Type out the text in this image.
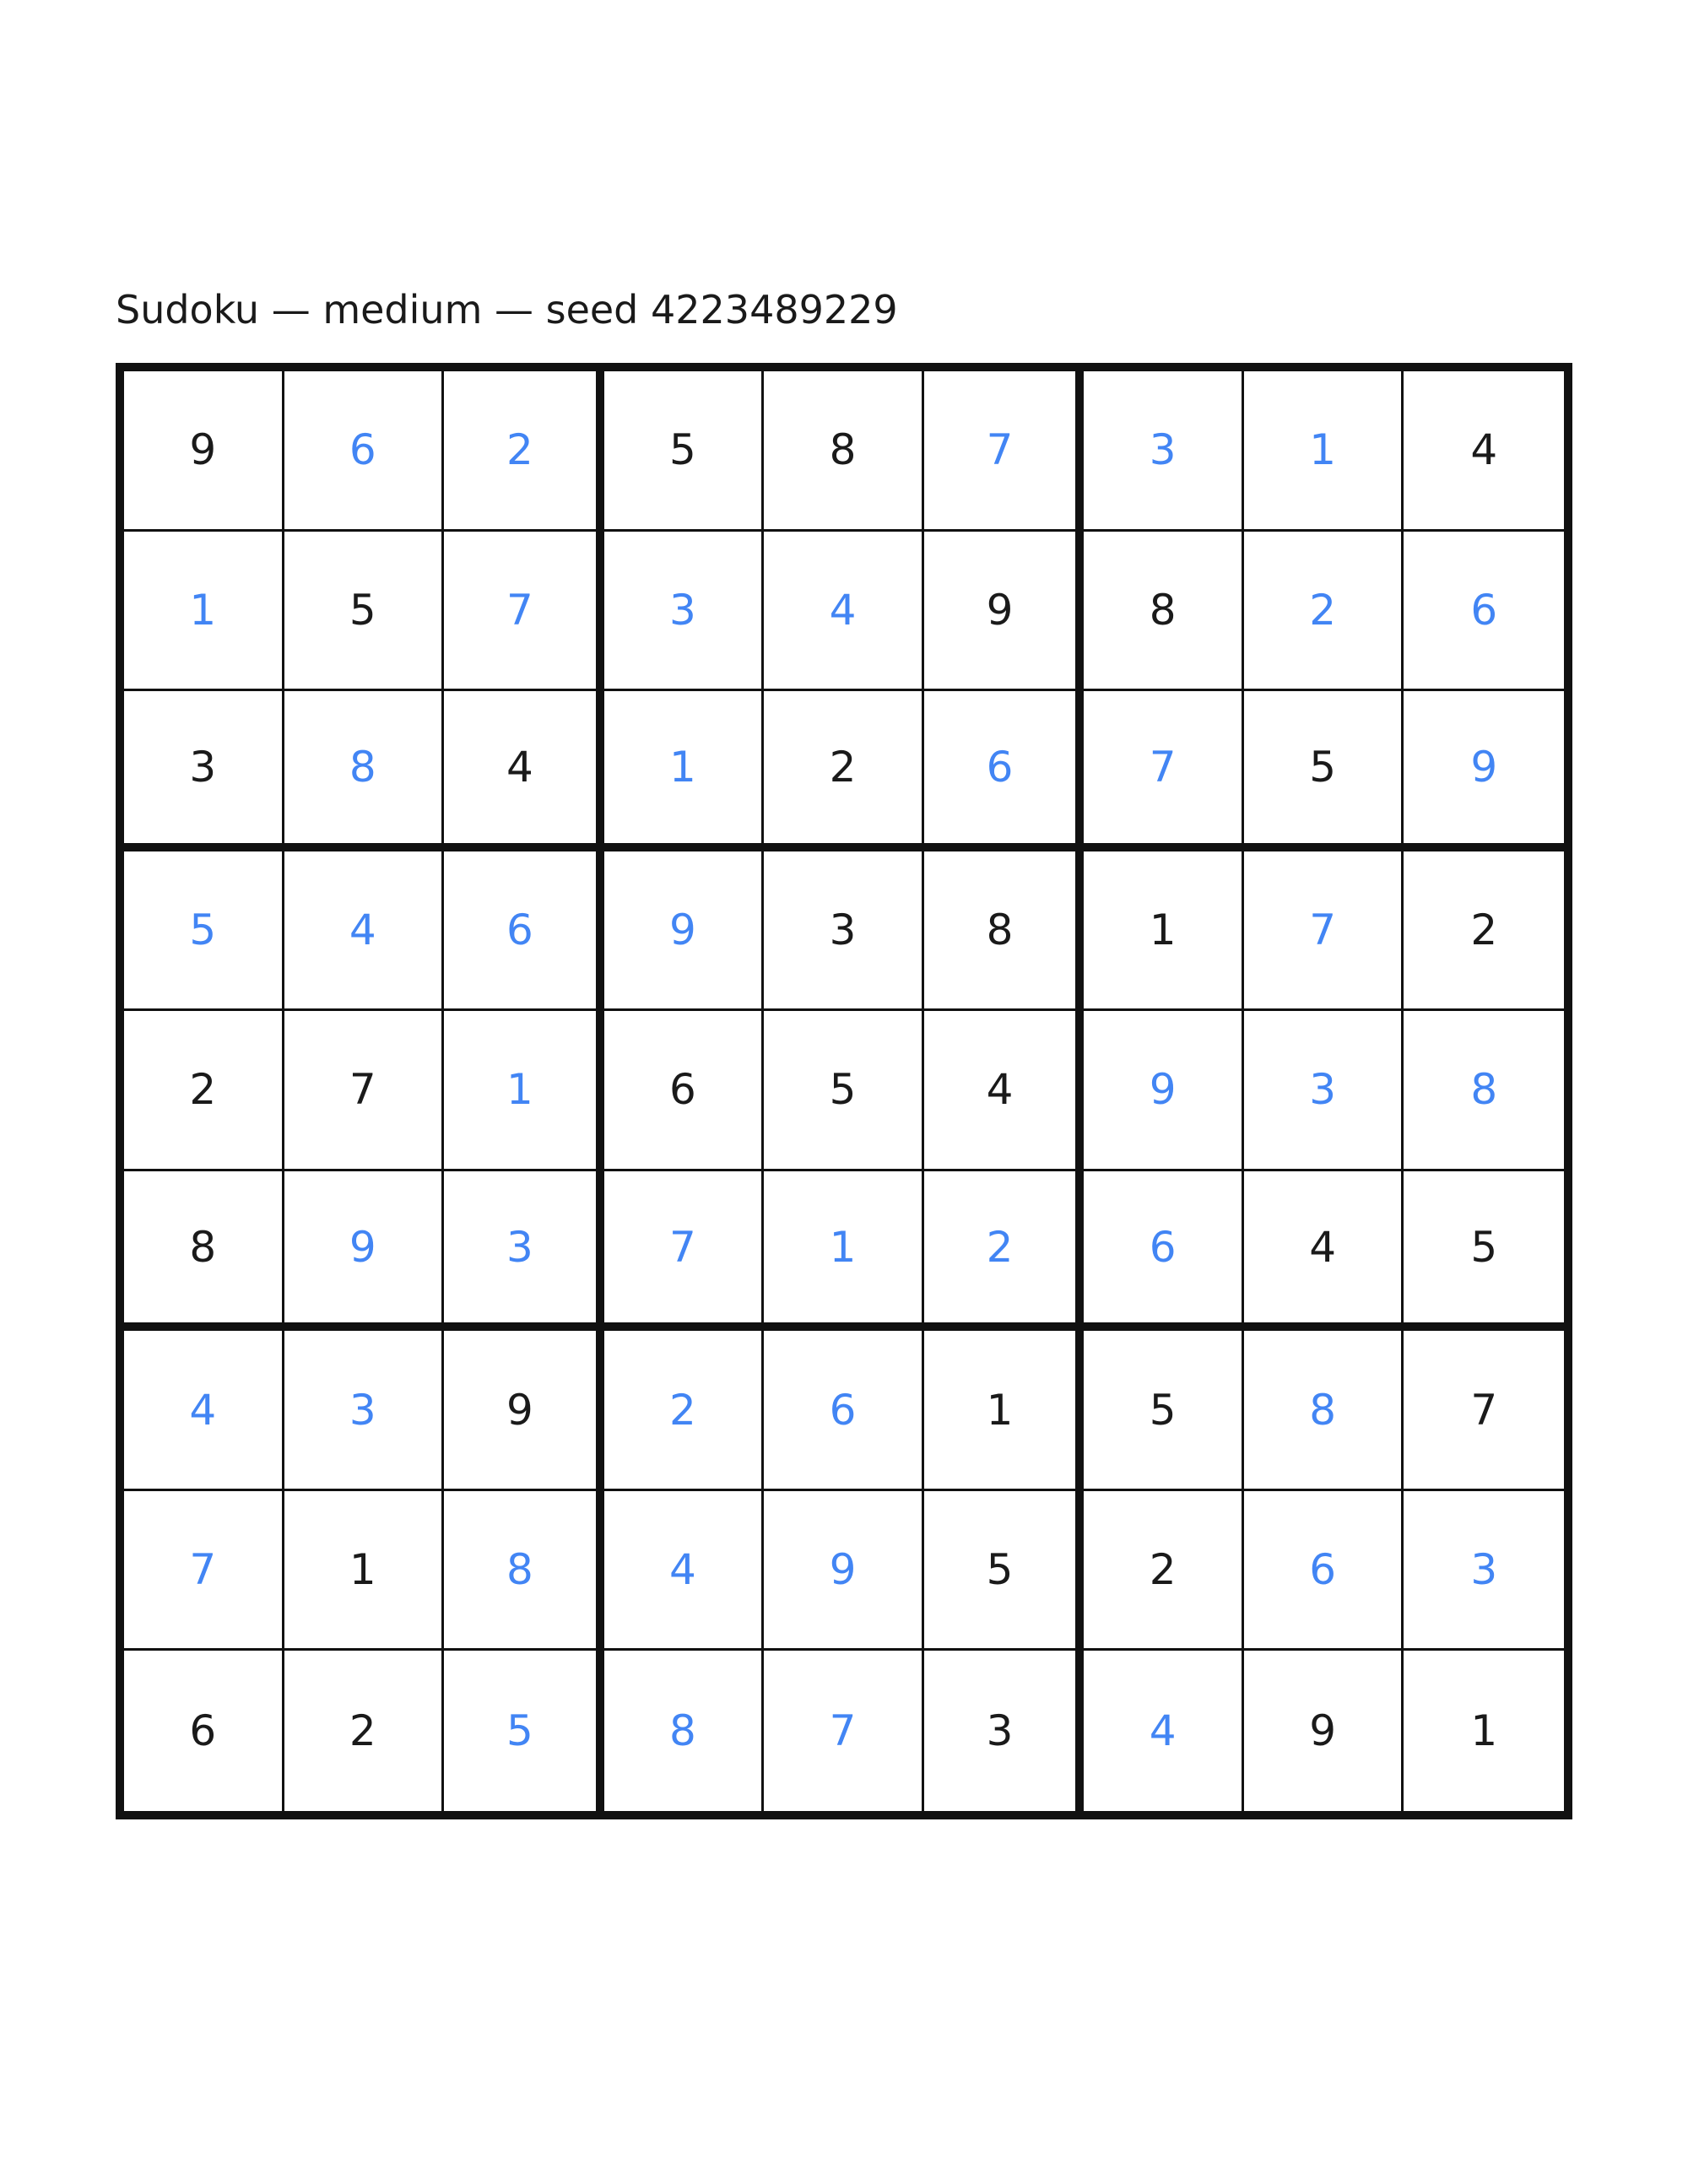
Sudoku — medium — seed 4223489229
9	6	2	5	8	7	3	1	4
1	5	7	3	4	9	8	2	6
3	8	4	1	2	6	7	5	9
5	4	6	9	3	8	1	7	2
2	7	1	6	5	4	9	3	8
8	9	3	7	1	2	6	4	5
4	3	9	2	6	1	5	8	7
7	1	8	4	9	5	2	6	3
6	2	5	8	7	3	4	9	1
